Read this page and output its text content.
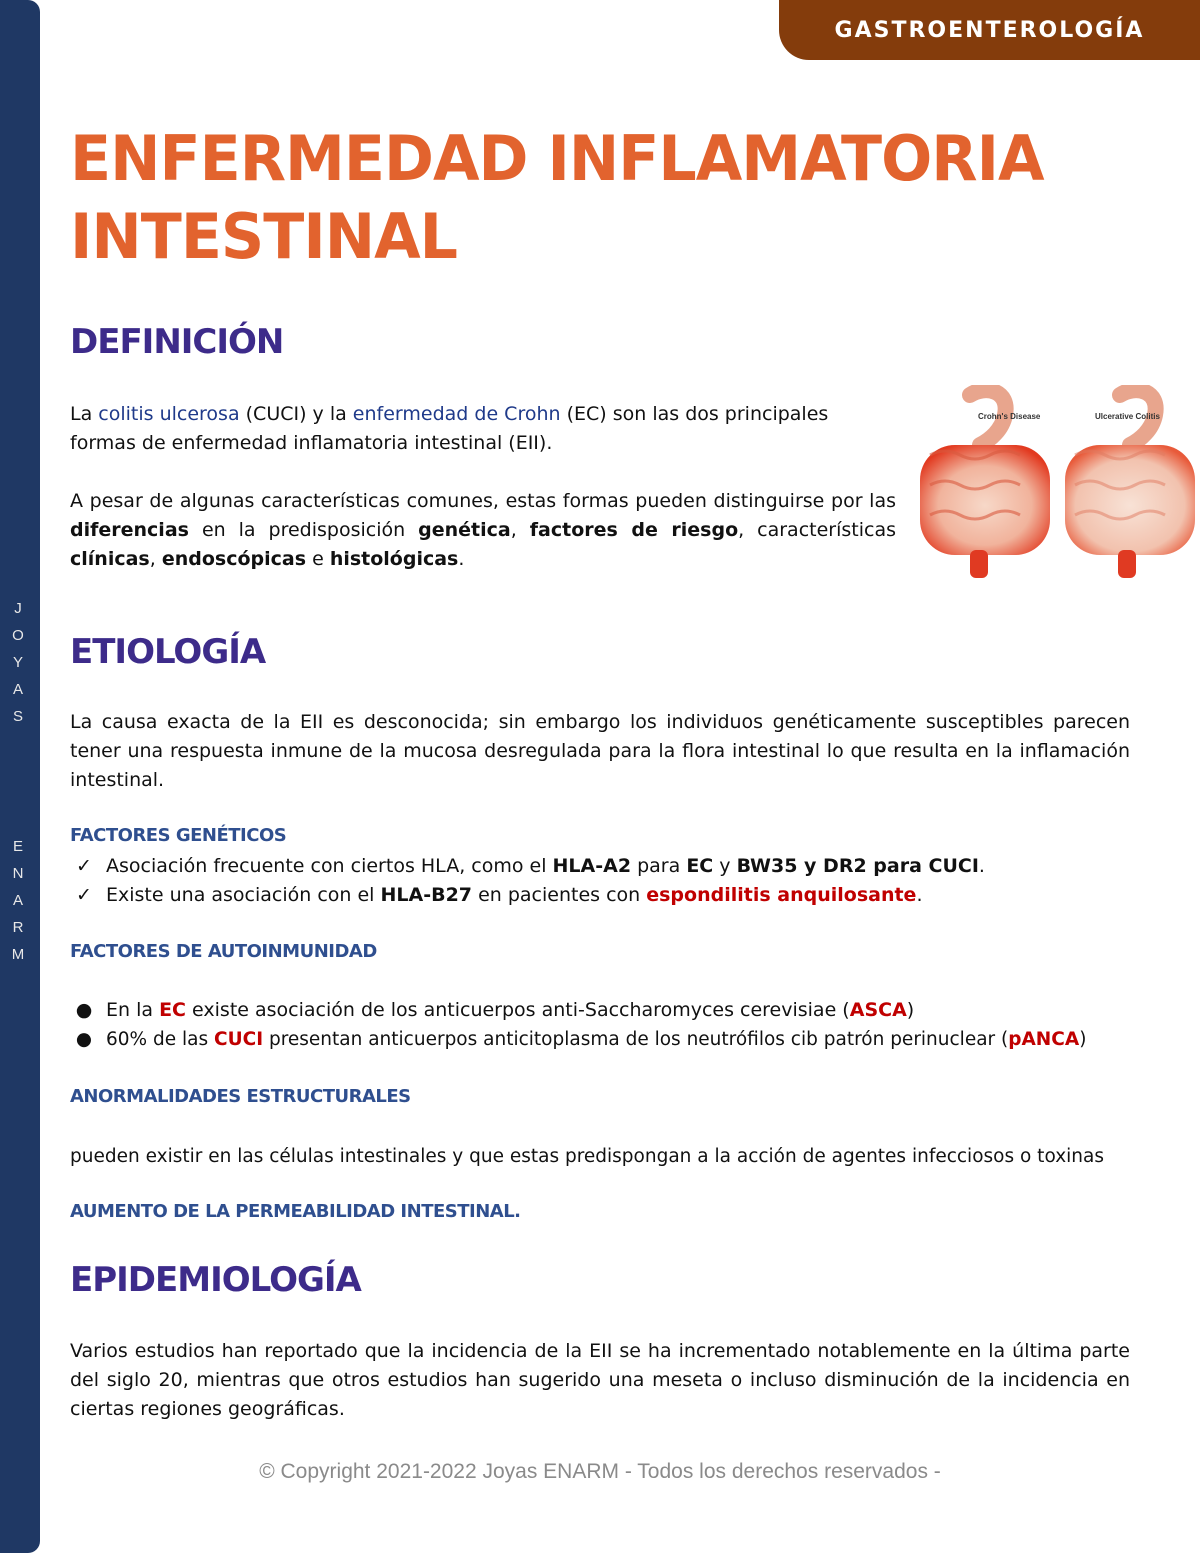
J
O
Y
A
S
E
N
A
R
M
GASTROENTEROLOGÍA
ENFERMEDAD INFLAMATORIA
INTESTINAL
DEFINICIÓN

La colitis ulcerosa (CUCI) y la enfermedad de Crohn (EC) son las dos principales formas de enfermedad inflamatoria intestinal (EII).

A pesar de algunas características comunes, estas formas pueden distinguirse por las diferencias en la predisposición genética, factores de riesgo, características clínicas, endoscópicas e histológicas.

Crohn's Disease	Ulcerative Colitis
ETIOLOGÍA

La causa exacta de la EII es desconocida; sin embargo los individuos genéticamente susceptibles parecen tener una respuesta inmune de la mucosa desregulada para la flora intestinal lo que resulta en la inflamación intestinal.

FACTORES GENÉTICOS
✓ Asociación frecuente con ciertos HLA, como el HLA-A2 para EC y BW35 y DR2 para CUCI.
✓ Existe una asociación con el HLA-B27 en pacientes con espondilitis anquilosante.
FACTORES DE AUTOINMUNIDAD
● En la EC existe asociación de los anticuerpos anti-Saccharomyces cerevisiae (ASCA)
● 60% de las CUCI presentan anticuerpos anticitoplasma de los neutrófilos cib patrón perinuclear (pANCA)
ANORMALIDADES ESTRUCTURALES

pueden existir en las células intestinales y que estas predispongan a la acción de agentes infecciosos o toxinas

AUMENTO DE LA PERMEABILIDAD INTESTINAL.
EPIDEMIOLOGÍA

Varios estudios han reportado que la incidencia de la EII se ha incrementado notablemente en la última parte del siglo 20, mientras que otros estudios han sugerido una meseta o incluso disminución de la incidencia en ciertas regiones geográficas.

© Copyright 2021-2022 Joyas ENARM - Todos los derechos reservados -
